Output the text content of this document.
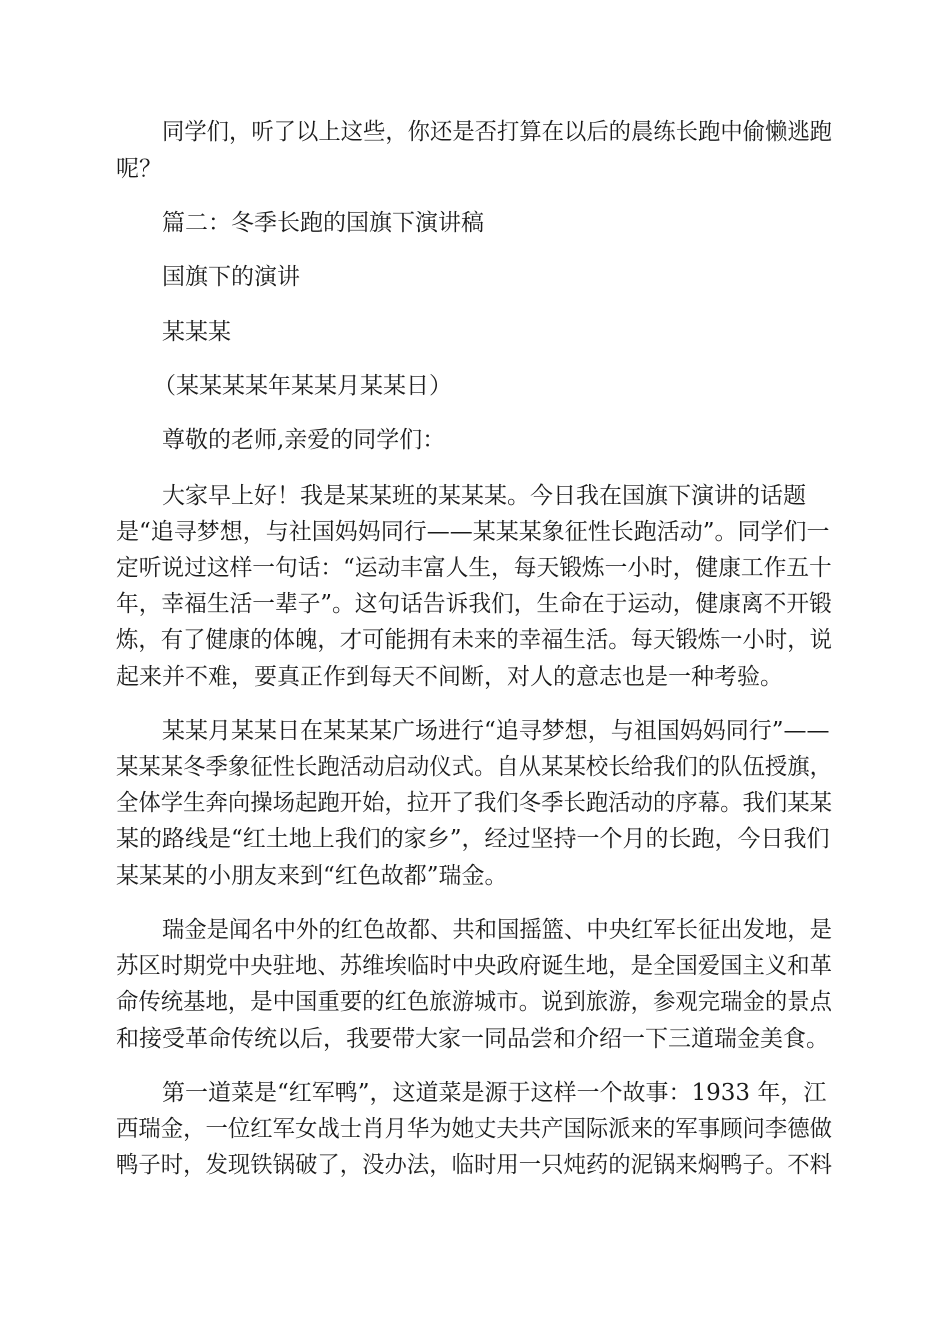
同学们，听了以上这些，你还是否打算在以后的晨练长跑中偷懒逃跑
呢？
篇二：冬季长跑的国旗下演讲稿
国旗下的演讲
某某某
（某某某某年某某月某某日）
尊敬的老师,亲爱的同学们：
大家早上好！我是某某班的某某某。今日我在国旗下演讲的话题
是“追寻梦想，与社国妈妈同行——某某某象征性长跑活动”。同学们一
定听说过这样一句话：“运动丰富人生，每天锻炼一小时，健康工作五十
年，幸福生活一辈子”。这句话告诉我们，生命在于运动，健康离不开锻
炼，有了健康的体魄，才可能拥有未来的幸福生活。每天锻炼一小时，说
起来并不难，要真正作到每天不间断，对人的意志也是一种考验。
某某月某某日在某某某广场进行“追寻梦想，与祖国妈妈同行”——
某某某冬季象征性长跑活动启动仪式。自从某某校长给我们的队伍授旗，
全体学生奔向操场起跑开始，拉开了我们冬季长跑活动的序幕。我们某某
某的路线是“红土地上我们的家乡”，经过坚持一个月的长跑，今日我们
某某某的小朋友来到“红色故都”瑞金。
瑞金是闻名中外的红色故都、共和国摇篮、中央红军长征出发地，是
苏区时期党中央驻地、苏维埃临时中央政府诞生地，是全国爱国主义和革
命传统基地，是中国重要的红色旅游城市。说到旅游，参观完瑞金的景点
和接受革命传统以后，我要带大家一同品尝和介绍一下三道瑞金美食。
第一道菜是“红军鸭”，这道菜是源于这样一个故事：1933 年，江
西瑞金，一位红军女战士肖月华为她丈夫共产国际派来的军事顾问李德做
鸭子时，发现铁锅破了，没办法，临时用一只炖药的泥锅来焖鸭子。不料
